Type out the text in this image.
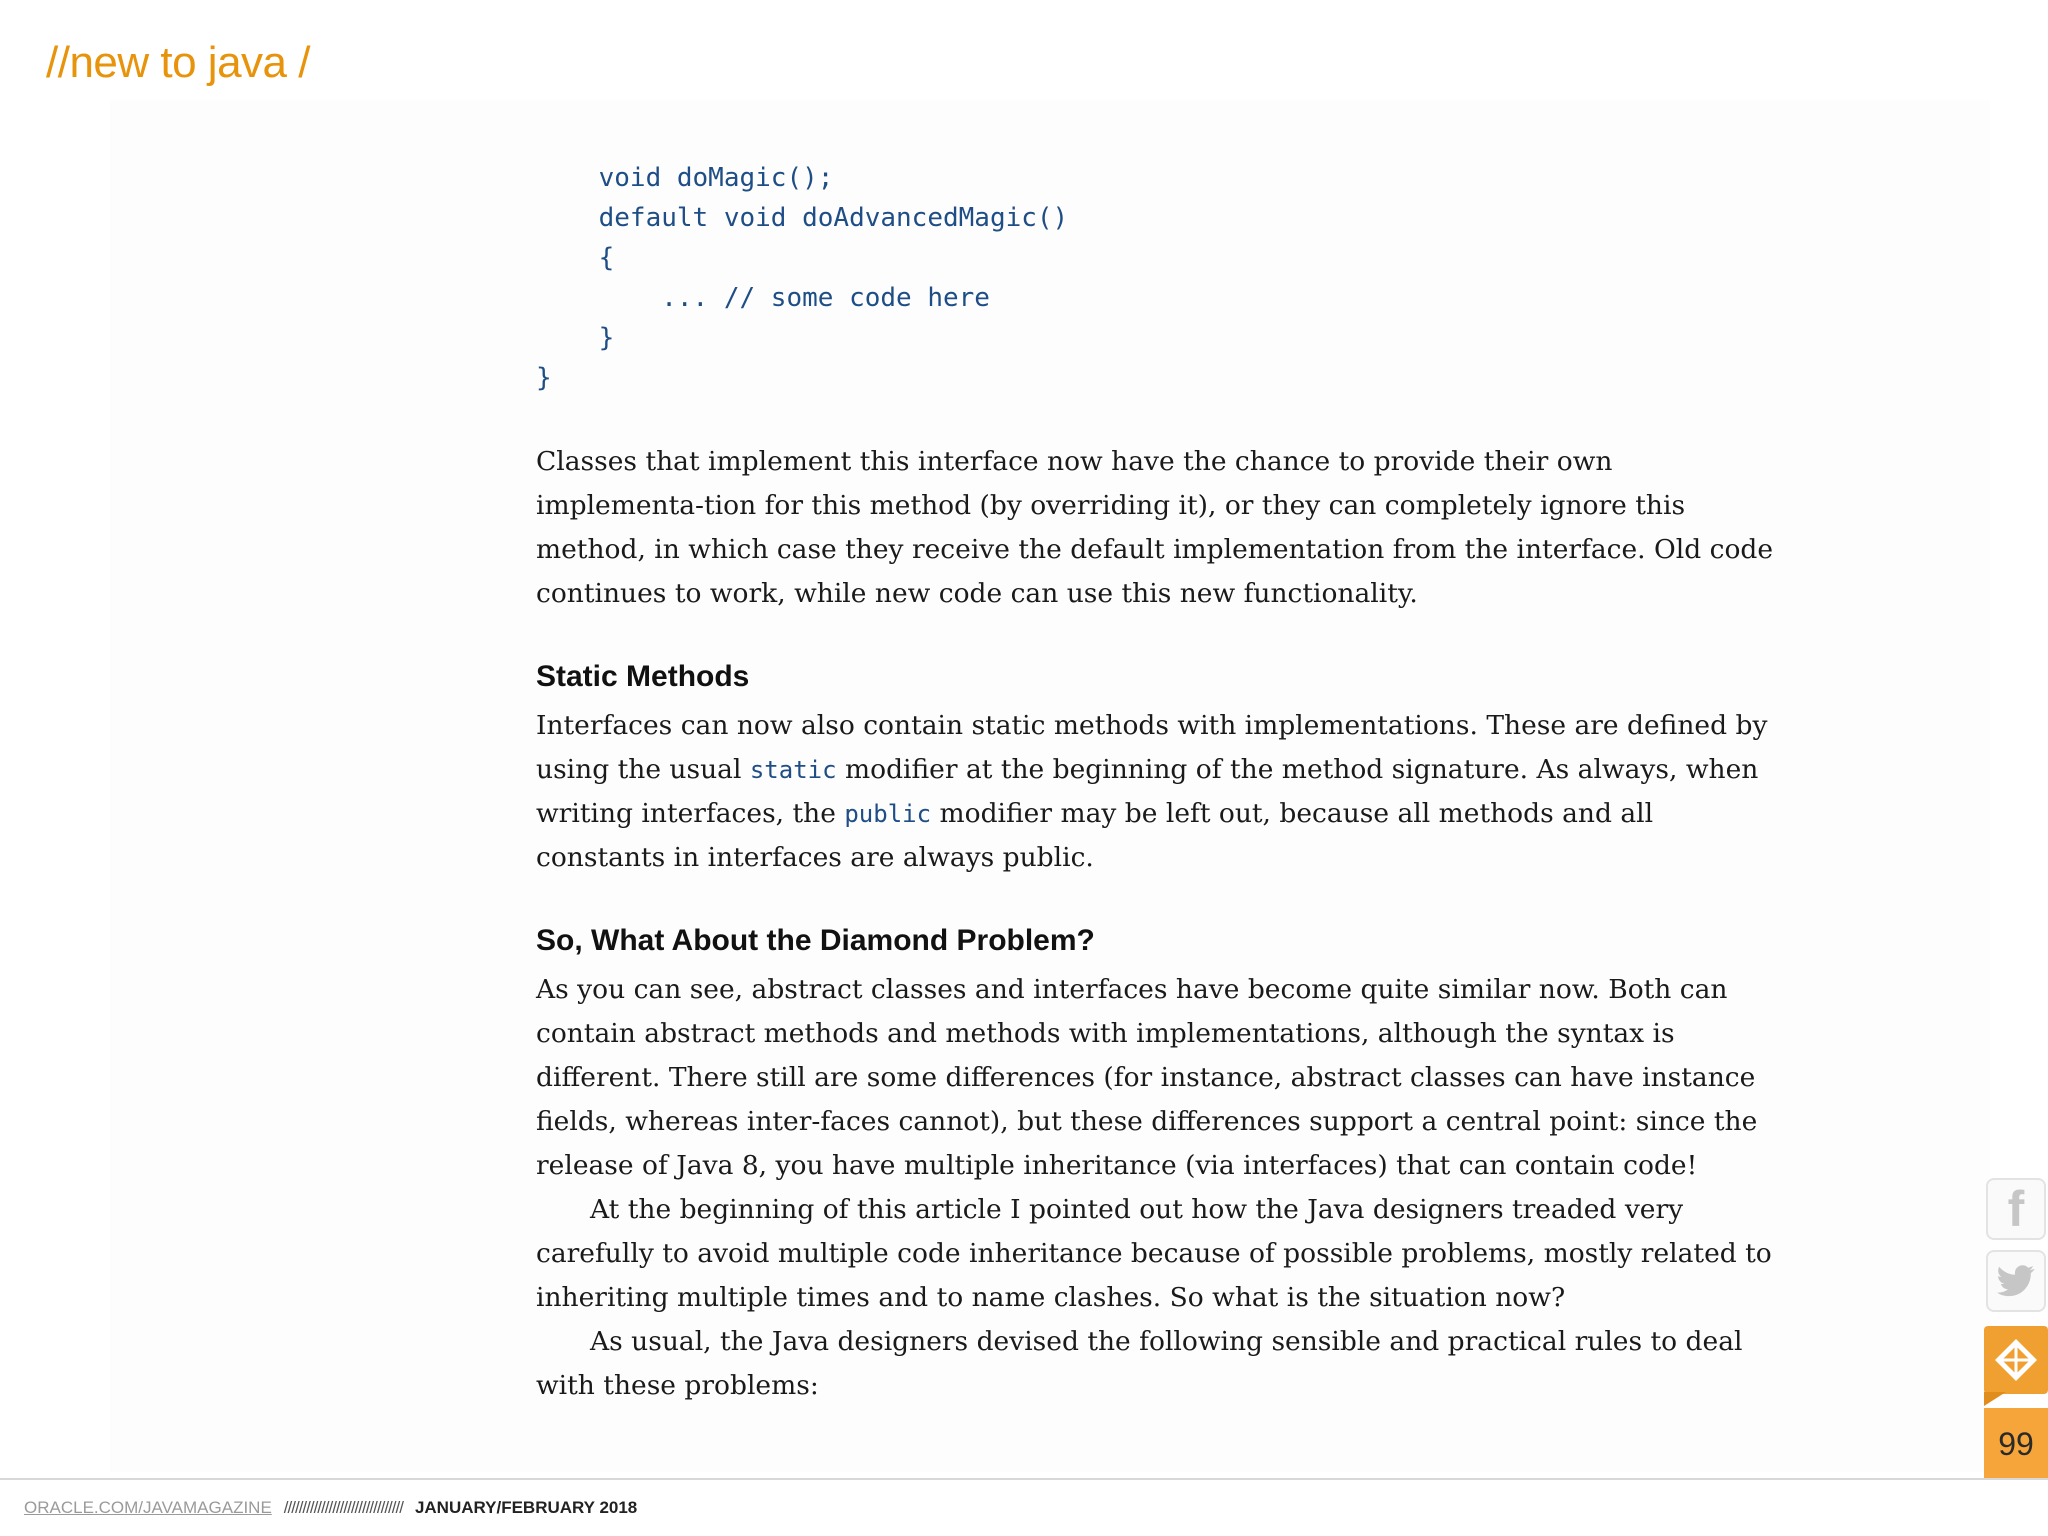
//new to java /
void doMagic();
default void doAdvancedMagic()
{
... // some code here
}
}

Classes that implement this interface now have the chance to provide their own implementa-tion for this method (by overriding it), or they can completely ignore this method, in which case they receive the default implementation from the interface. Old code continues to work, while new code can use this new functionality.

Static Methods

Interfaces can now also contain static methods with implementations. These are defined by using the usual static modifier at the beginning of the method signature. As always, when writing interfaces, the public modifier may be left out, because all methods and all constants in interfaces are always public.

So, What About the Diamond Problem?

As you can see, abstract classes and interfaces have become quite similar now. Both can contain abstract methods and methods with implementations, although the syntax is different. There still are some differences (for instance, abstract classes can have instance fields, whereas inter-faces cannot), but these differences support a central point: since the release of Java 8, you have multiple inheritance (via interfaces) that can contain code!

At the beginning of this article I pointed out how the Java designers treaded very carefully to avoid multiple code inheritance because of possible problems, mostly related to inheriting multiple times and to name clashes. So what is the situation now?

As usual, the Java designers devised the following sensible and practical rules to deal with these problems:

f
99
ORACLE.COM/JAVAMAGAZINE //////////////////////////////// JANUARY/FEBRUARY 2018
